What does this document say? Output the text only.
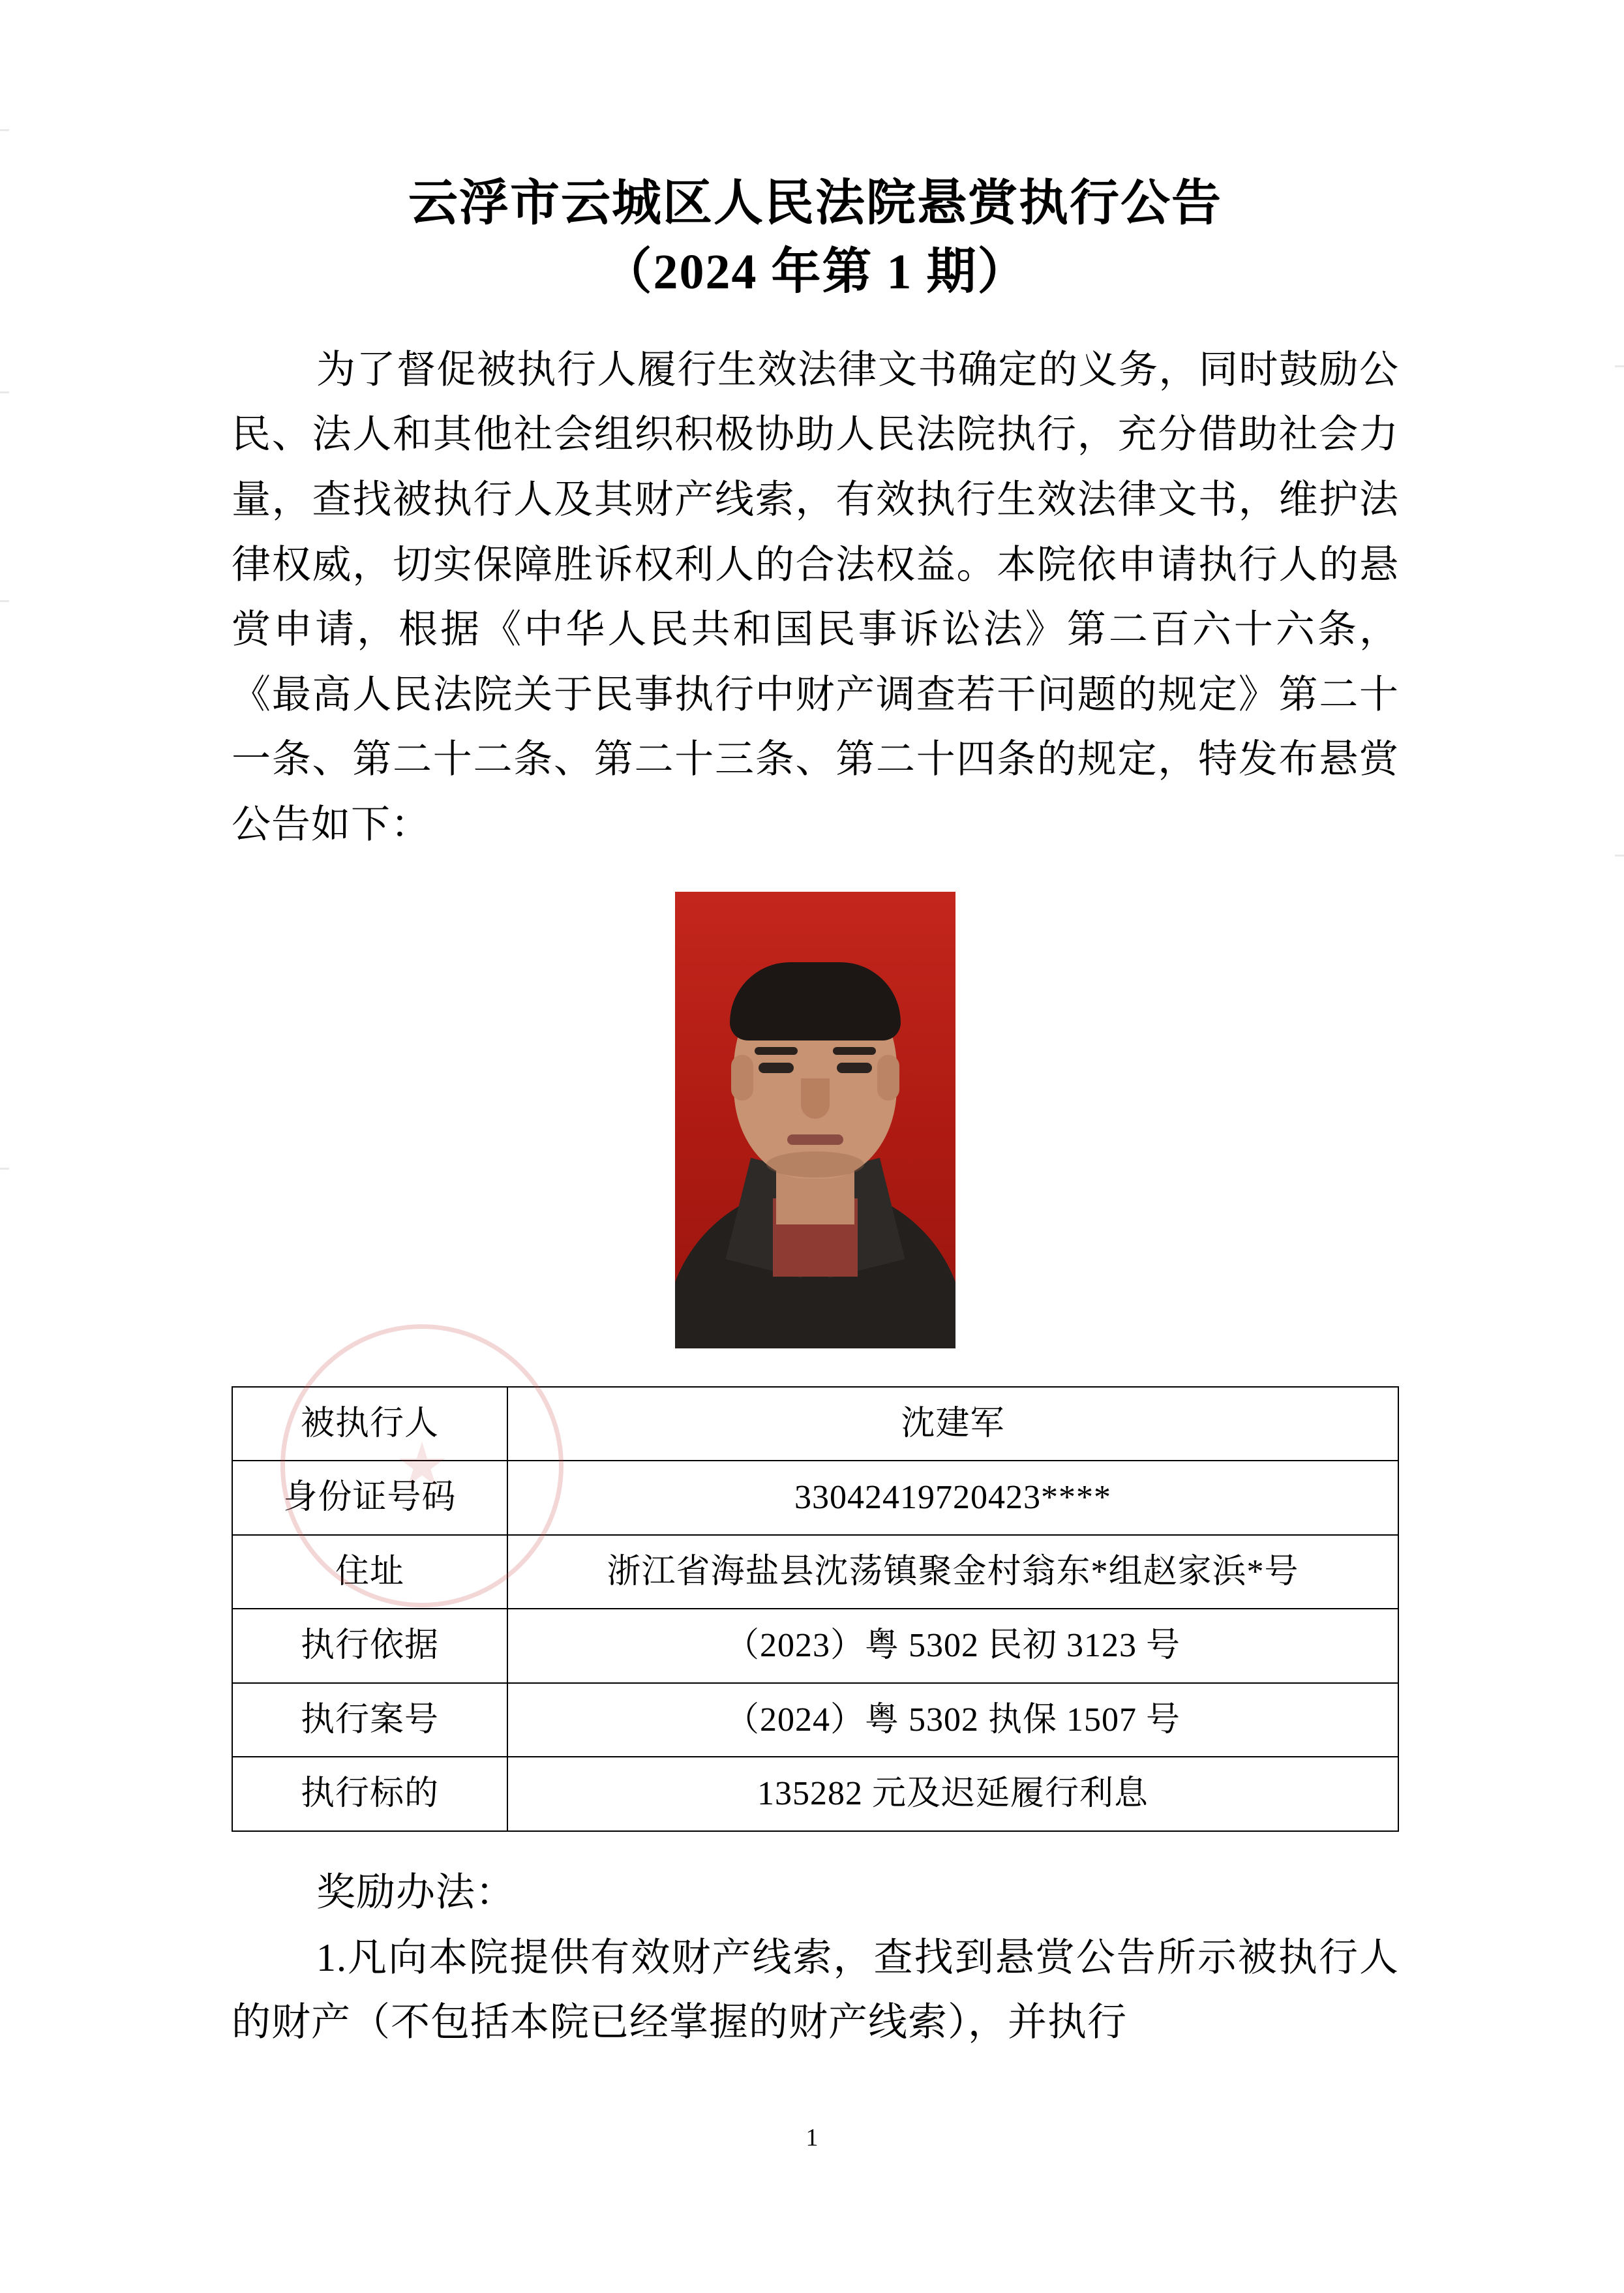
云浮市云城区人民法院悬赏执行公告
（2024 年第 1 期）
为了督促被执行人履行生效法律文书确定的义务，同时鼓励公民、法人和其他社会组织积极协助人民法院执行，充分借助社会力量，查找被执行人及其财产线索，有效执行生效法律文书，维护法律权威，切实保障胜诉权利人的合法权益。本院依申请执行人的悬赏申请，根据《中华人民共和国民事诉讼法》第二百六十六条，《最高人民法院关于民事执行中财产调查若干问题的规定》第二十一条、第二十二条、第二十三条、第二十四条的规定，特发布悬赏公告如下：
被执行人	沈建军
身份证号码	33042419720423****
住址	浙江省海盐县沈荡镇聚金村翁东*组赵家浜*号
执行依据	（2023）粤 5302 民初 3123 号
执行案号	（2024）粤 5302 执保 1507 号
执行标的	135282 元及迟延履行利息
奖励办法：
1.凡向本院提供有效财产线索，查找到悬赏公告所示被执行人的财产（不包括本院已经掌握的财产线索），并执行
1
